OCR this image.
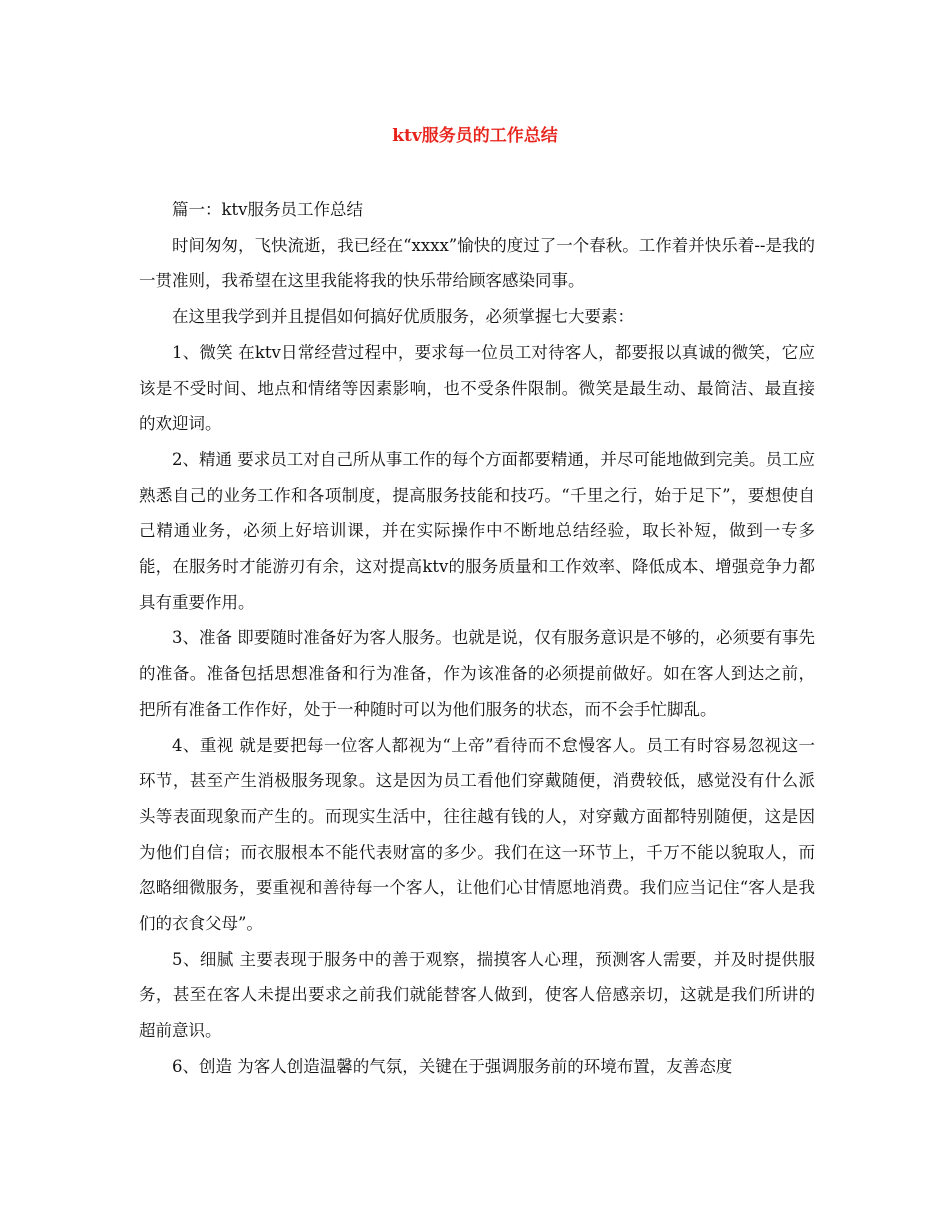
ktv服务员的工作总结

篇一：ktv服务员工作总结

时间匆匆，飞快流逝，我已经在“xxxx”愉快的度过了一个春秋。工作着并快乐着--是我的一贯准则，我希望在这里我能将我的快乐带给顾客感染同事。

在这里我学到并且提倡如何搞好优质服务，必须掌握七大要素：

1、微笑 在ktv日常经营过程中，要求每一位员工对待客人，都要报以真诚的微笑，它应该是不受时间、地点和情绪等因素影响，也不受条件限制。微笑是最生动、最简洁、最直接的欢迎词。

2、精通 要求员工对自己所从事工作的每个方面都要精通，并尽可能地做到完美。员工应熟悉自己的业务工作和各项制度，提高服务技能和技巧。“千里之行，始于足下”，要想使自己精通业务，必须上好培训课，并在实际操作中不断地总结经验，取长补短，做到一专多能，在服务时才能游刃有余，这对提高ktv的服务质量和工作效率、降低成本、增强竞争力都具有重要作用。

3、准备 即要随时准备好为客人服务。也就是说，仅有服务意识是不够的，必须要有事先的准备。准备包括思想准备和行为准备，作为该准备的必须提前做好。如在客人到达之前，把所有准备工作作好，处于一种随时可以为他们服务的状态，而不会手忙脚乱。

4、重视 就是要把每一位客人都视为“上帝”看待而不怠慢客人。员工有时容易忽视这一环节，甚至产生消极服务现象。这是因为员工看他们穿戴随便，消费较低，感觉没有什么派头等表面现象而产生的。而现实生活中，往往越有钱的人，对穿戴方面都特别随便，这是因为他们自信；而衣服根本不能代表财富的多少。我们在这一环节上，千万不能以貌取人，而忽略细微服务，要重视和善待每一个客人，让他们心甘情愿地消费。我们应当记住“客人是我们的衣食父母”。

5、细腻 主要表现于服务中的善于观察，揣摸客人心理，预测客人需要，并及时提供服务，甚至在客人未提出要求之前我们就能替客人做到，使客人倍感亲切，这就是我们所讲的超前意识。

6、创造 为客人创造温馨的气氛，关键在于强调服务前的环境布置，友善态度
